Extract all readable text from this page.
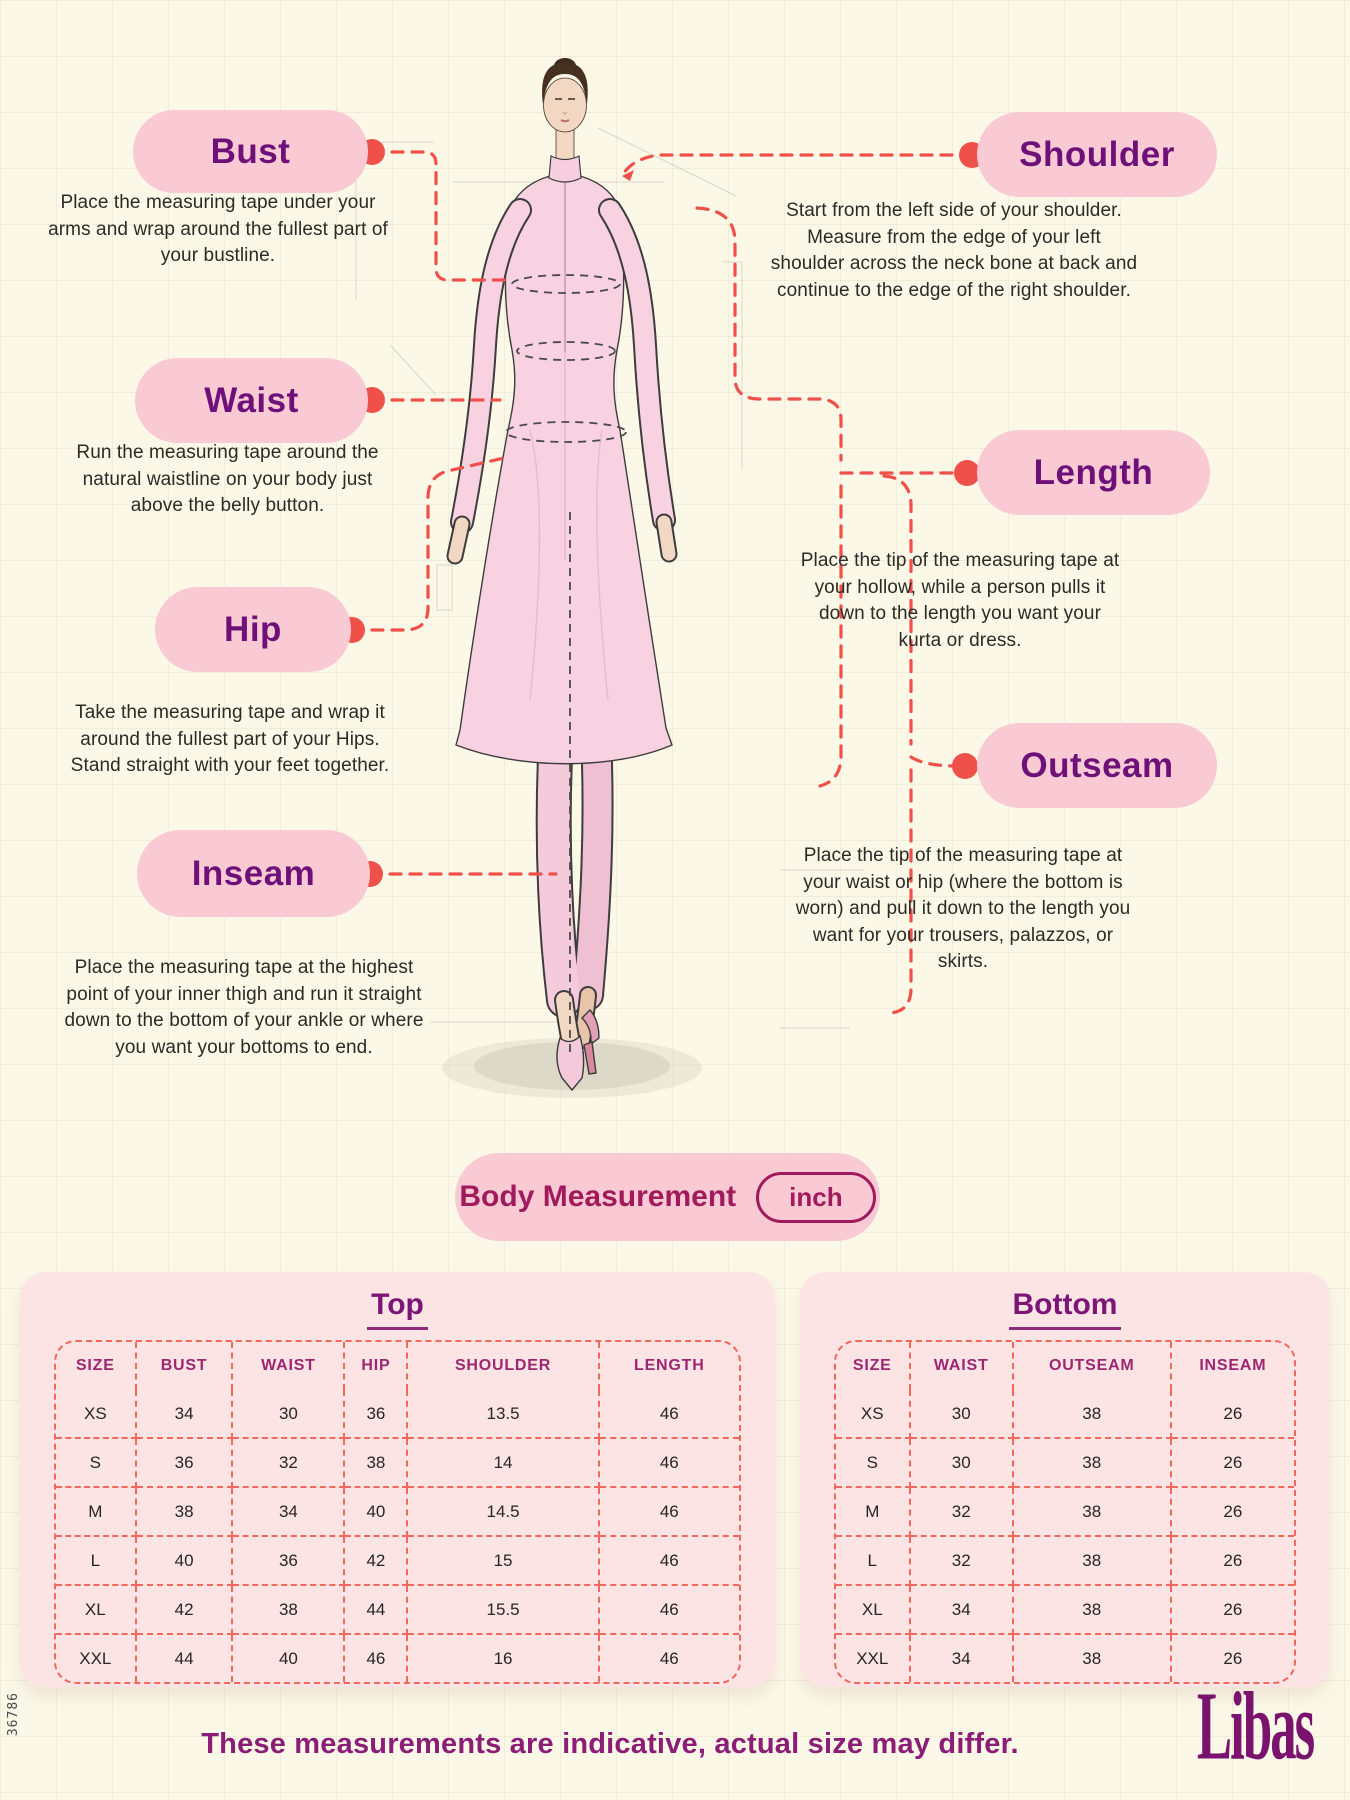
Bust
Waist
Hip
Inseam
Shoulder
Length
Outseam
Place the measuring tape under your arms and wrap around the fullest part of your bustline.
Start from the left side of your shoulder. Measure from the edge of your left shoulder across the neck bone at back and continue to the edge of the right shoulder.
Run the measuring tape around the natural waistline on your body just above the belly button.
Place the tip of the measuring tape at your hollow, while a person pulls it down to the length you want your kurta or dress.
Take the measuring tape and wrap it around the fullest part of your Hips. Stand straight with your feet together.
Place the tip of the measuring tape at your waist or hip (where the bottom is worn) and pull it down to the length you want for your trousers, palazzos, or skirts.
Place the measuring tape at the highest point of your inner thigh and run it straight down to the bottom of your ankle or where you want your bottoms to end.
Body Measurement	inch
Top
SIZE	BUST	WAIST	HIP	SHOULDER	LENGTH
XS	34	30	36	13.5	46
S	36	32	38	14	46
M	38	34	40	14.5	46
L	40	36	42	15	46
XL	42	38	44	15.5	46
XXL	44	40	46	16	46
Bottom
SIZE	WAIST	OUTSEAM	INSEAM
XS	30	38	26
S	30	38	26
M	32	38	26
L	32	38	26
XL	34	38	26
XXL	34	38	26
These measurements are indicative, actual size may differ.	Libas
36786
